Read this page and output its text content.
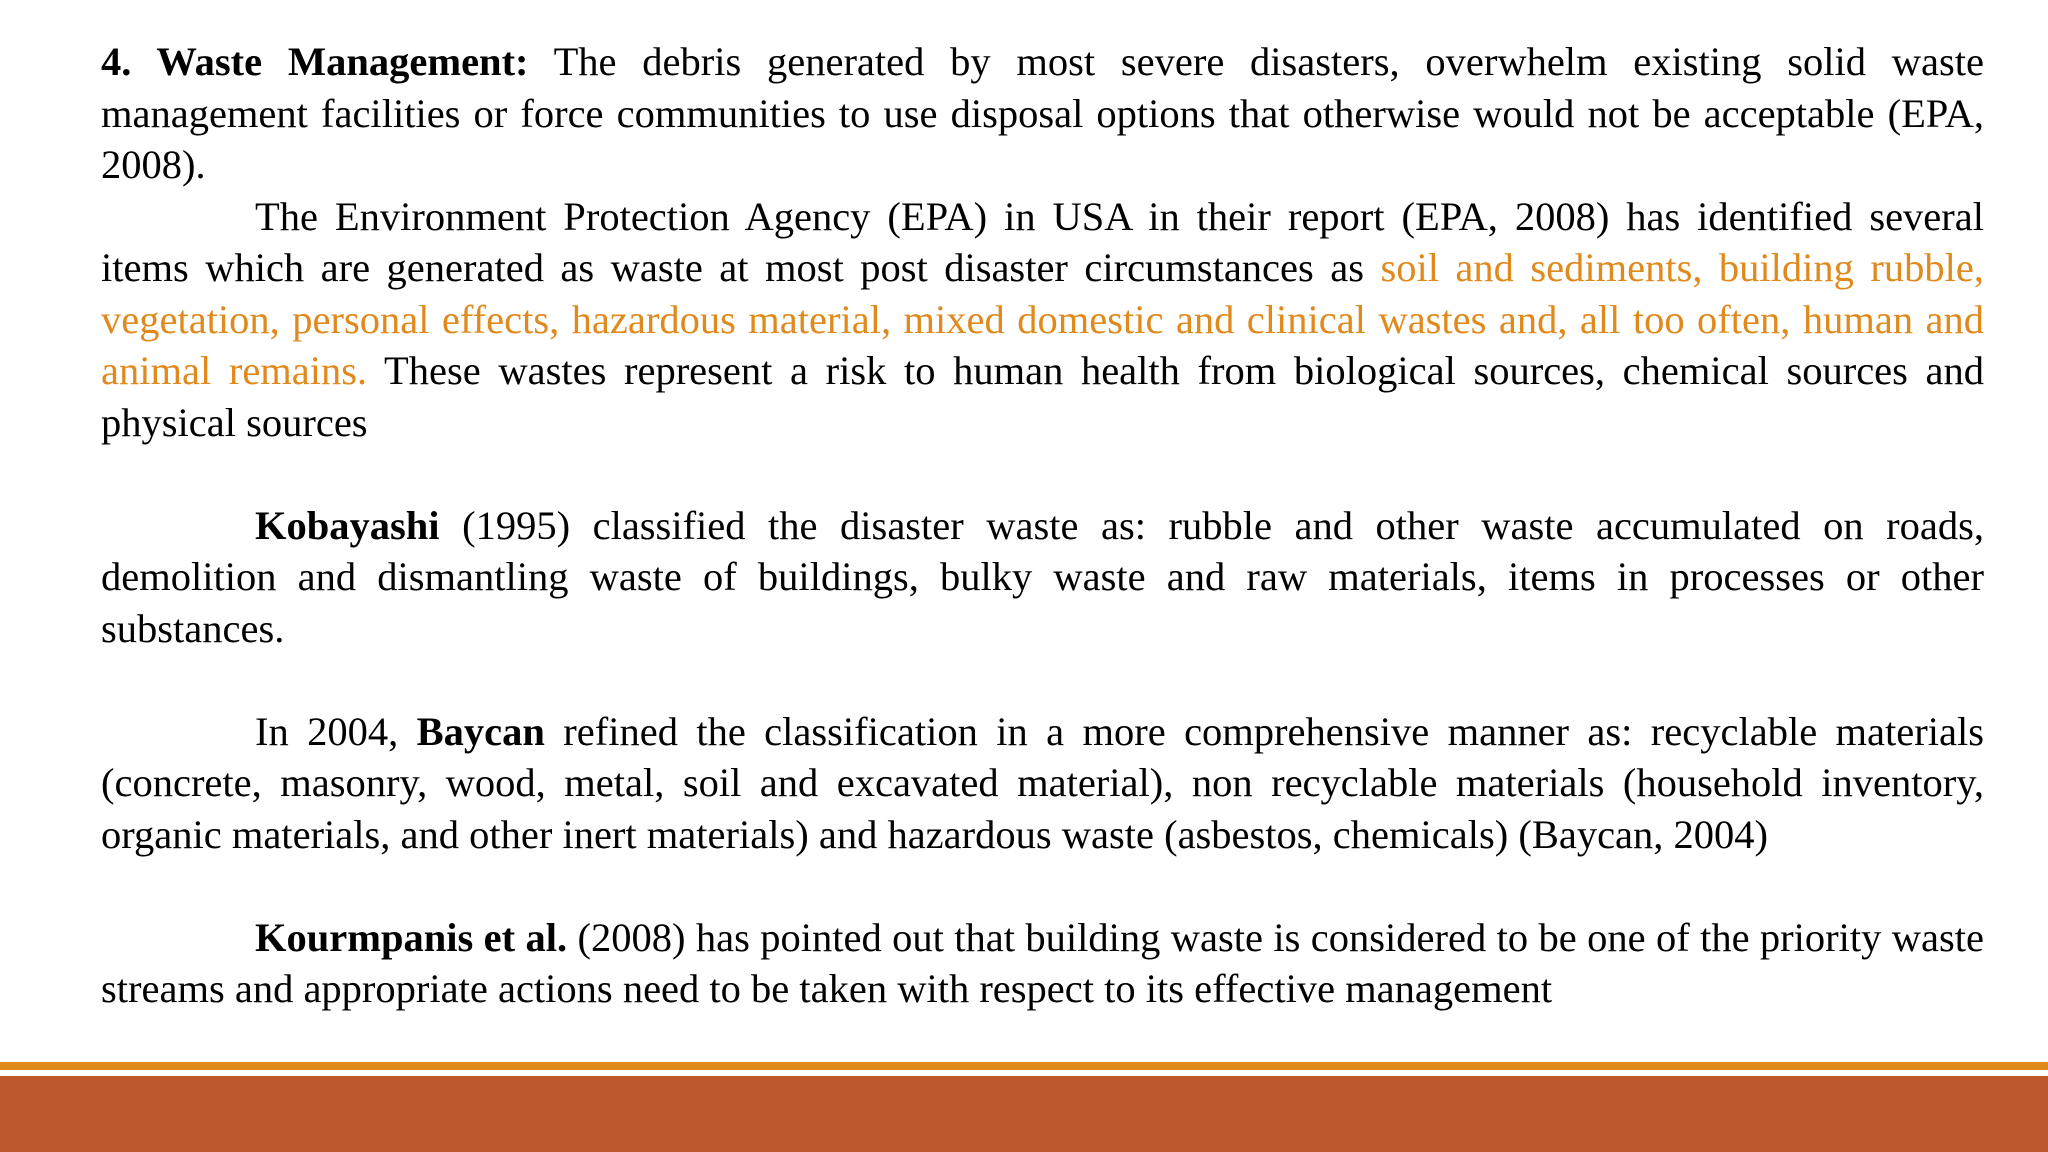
4. Waste Management: The debris generated by most severe disasters, overwhelm existing solid waste management facilities or force communities to use disposal options that otherwise would not be acceptable (EPA, 2008).

The Environment Protection Agency (EPA) in USA in their report (EPA, 2008) has identified several items which are generated as waste at most post disaster circumstances as soil and sediments, building rubble, vegetation, personal effects, hazardous material, mixed domestic and clinical wastes and, all too often, human and animal remains. These wastes represent a risk to human health from biological sources, chemical sources and physical sources

Kobayashi (1995) classified the disaster waste as: rubble and other waste accumulated on roads, demolition and dismantling waste of buildings, bulky waste and raw materials, items in processes or other substances.

In 2004, Baycan refined the classification in a more comprehensive manner as: recyclable materials (concrete, masonry, wood, metal, soil and excavated material), non recyclable materials (household inventory, organic materials, and other inert materials) and hazardous waste (asbestos, chemicals) (Baycan, 2004)

Kourmpanis et al. (2008) has pointed out that building waste is considered to be one of the priority waste streams and appropriate actions need to be taken with respect to its effective management
